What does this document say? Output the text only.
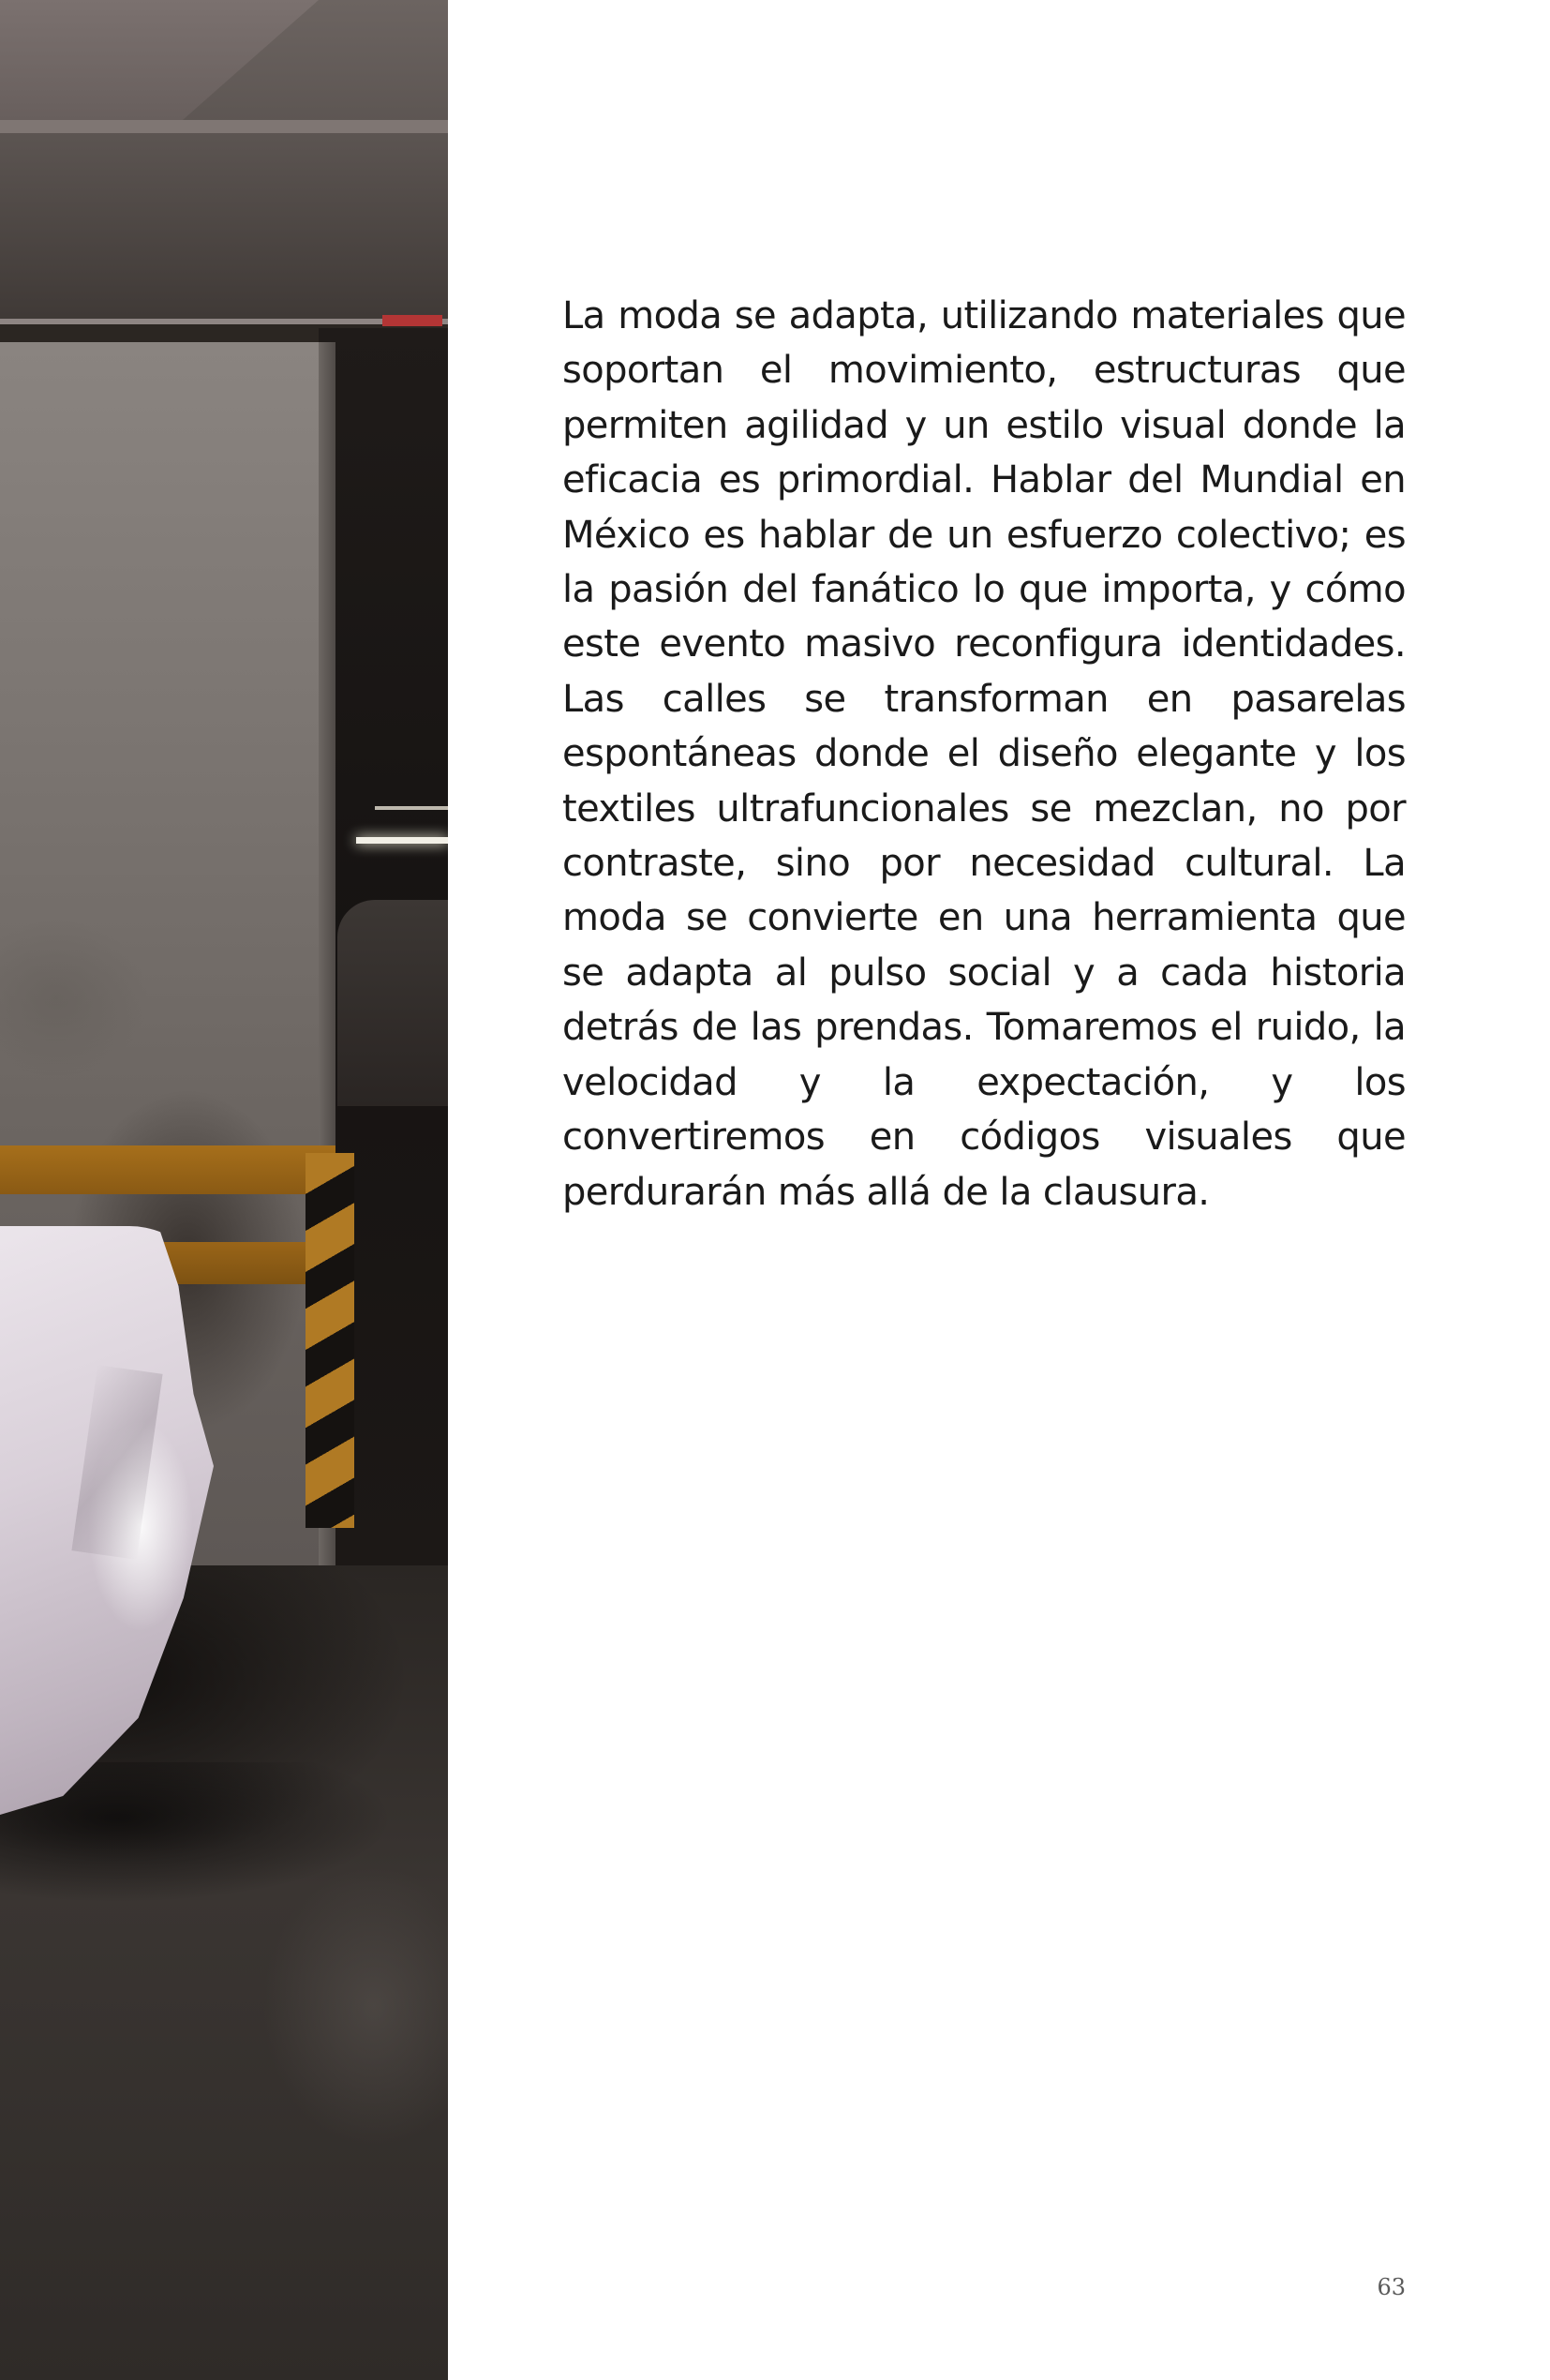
La moda se adapta, utilizando materiales que soportan el movimiento, estructuras que permiten agilidad y un estilo visual donde la eficacia es primordial. Hablar del Mundial en México es hablar de un esfuerzo colectivo; es la pasión del fanático lo que importa, y cómo este evento masivo reconfigura identidades. Las calles se transforman en pasarelas espontáneas donde el diseño elegante y los textiles ultrafuncionales se mezclan, no por contraste, sino por necesidad cultural. La moda se convierte en una herramienta que se adapta al pulso social y a cada historia detrás de las prendas. Tomaremos el ruido, la velocidad y la expectación, y los convertiremos en códigos visuales que perdurarán más allá de la clausura.

63
